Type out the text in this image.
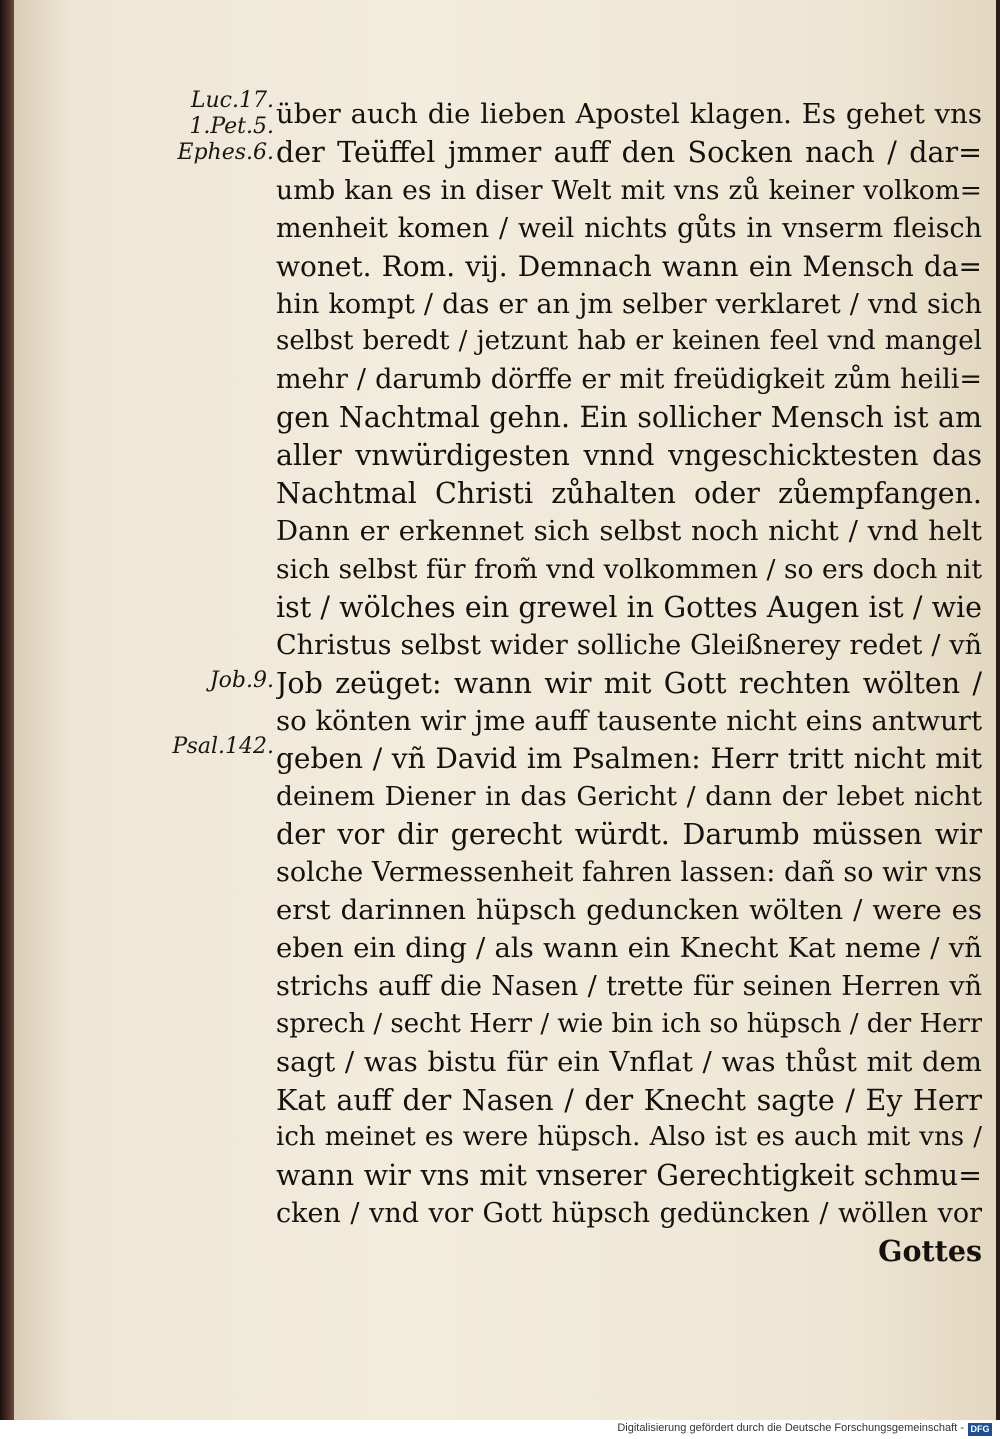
Luc.17. 1.Pet.5. Ephes.6.
Job.9.
Psal.142.
über auch die lieben Apostel klagen. Es gehet vns
der Teüffel jmmer auff den Socken nach / dar=
umb kan es in diser Welt mit vns zů keiner volkom=
menheit komen / weil nichts gůts in vnserm fleisch
wonet. Rom. vij. Demnach wann ein Mensch da=
hin kompt / das er an jm selber verklaret / vnd sich
selbst beredt / jetzunt hab er keinen feel vnd mangel
mehr / darumb dörffe er mit freüdigkeit zům heili=
gen Nachtmal gehn. Ein sollicher Mensch ist am
aller vnwürdigesten vnnd vngeschicktesten das
Nachtmal Christi zůhalten oder zůempfangen.
Dann er erkennet sich selbst noch nicht / vnd helt
sich selbst für from̃ vnd volkommen / so ers doch nit
ist / wölches ein grewel in Gottes Augen ist / wie
Christus selbst wider solliche Gleißnerey redet / vñ
Job zeüget: wann wir mit Gott rechten wölten /
so könten wir jme auff tausente nicht eins antwurt
geben / vñ David im Psalmen: Herr tritt nicht mit
deinem Diener in das Gericht / dann der lebet nicht
der vor dir gerecht würdt. Darumb müssen wir
solche Vermessenheit fahren lassen: dañ so wir vns
erst darinnen hüpsch geduncken wölten / were es
eben ein ding / als wann ein Knecht Kat neme / vñ
strichs auff die Nasen / trette für seinen Herren vñ
sprech / secht Herr / wie bin ich so hüpsch / der Herr
sagt / was bistu für ein Vnflat / was thůst mit dem
Kat auff der Nasen / der Knecht sagte / Ey Herr
ich meinet es were hüpsch. Also ist es auch mit vns /
wann wir vns mit vnserer Gerechtigkeit schmu=
cken / vnd vor Gott hüpsch gedüncken / wöllen vor
Gottes
Digitalisierung gefördert durch die Deutsche Forschungsgemeinschaft - DFG
